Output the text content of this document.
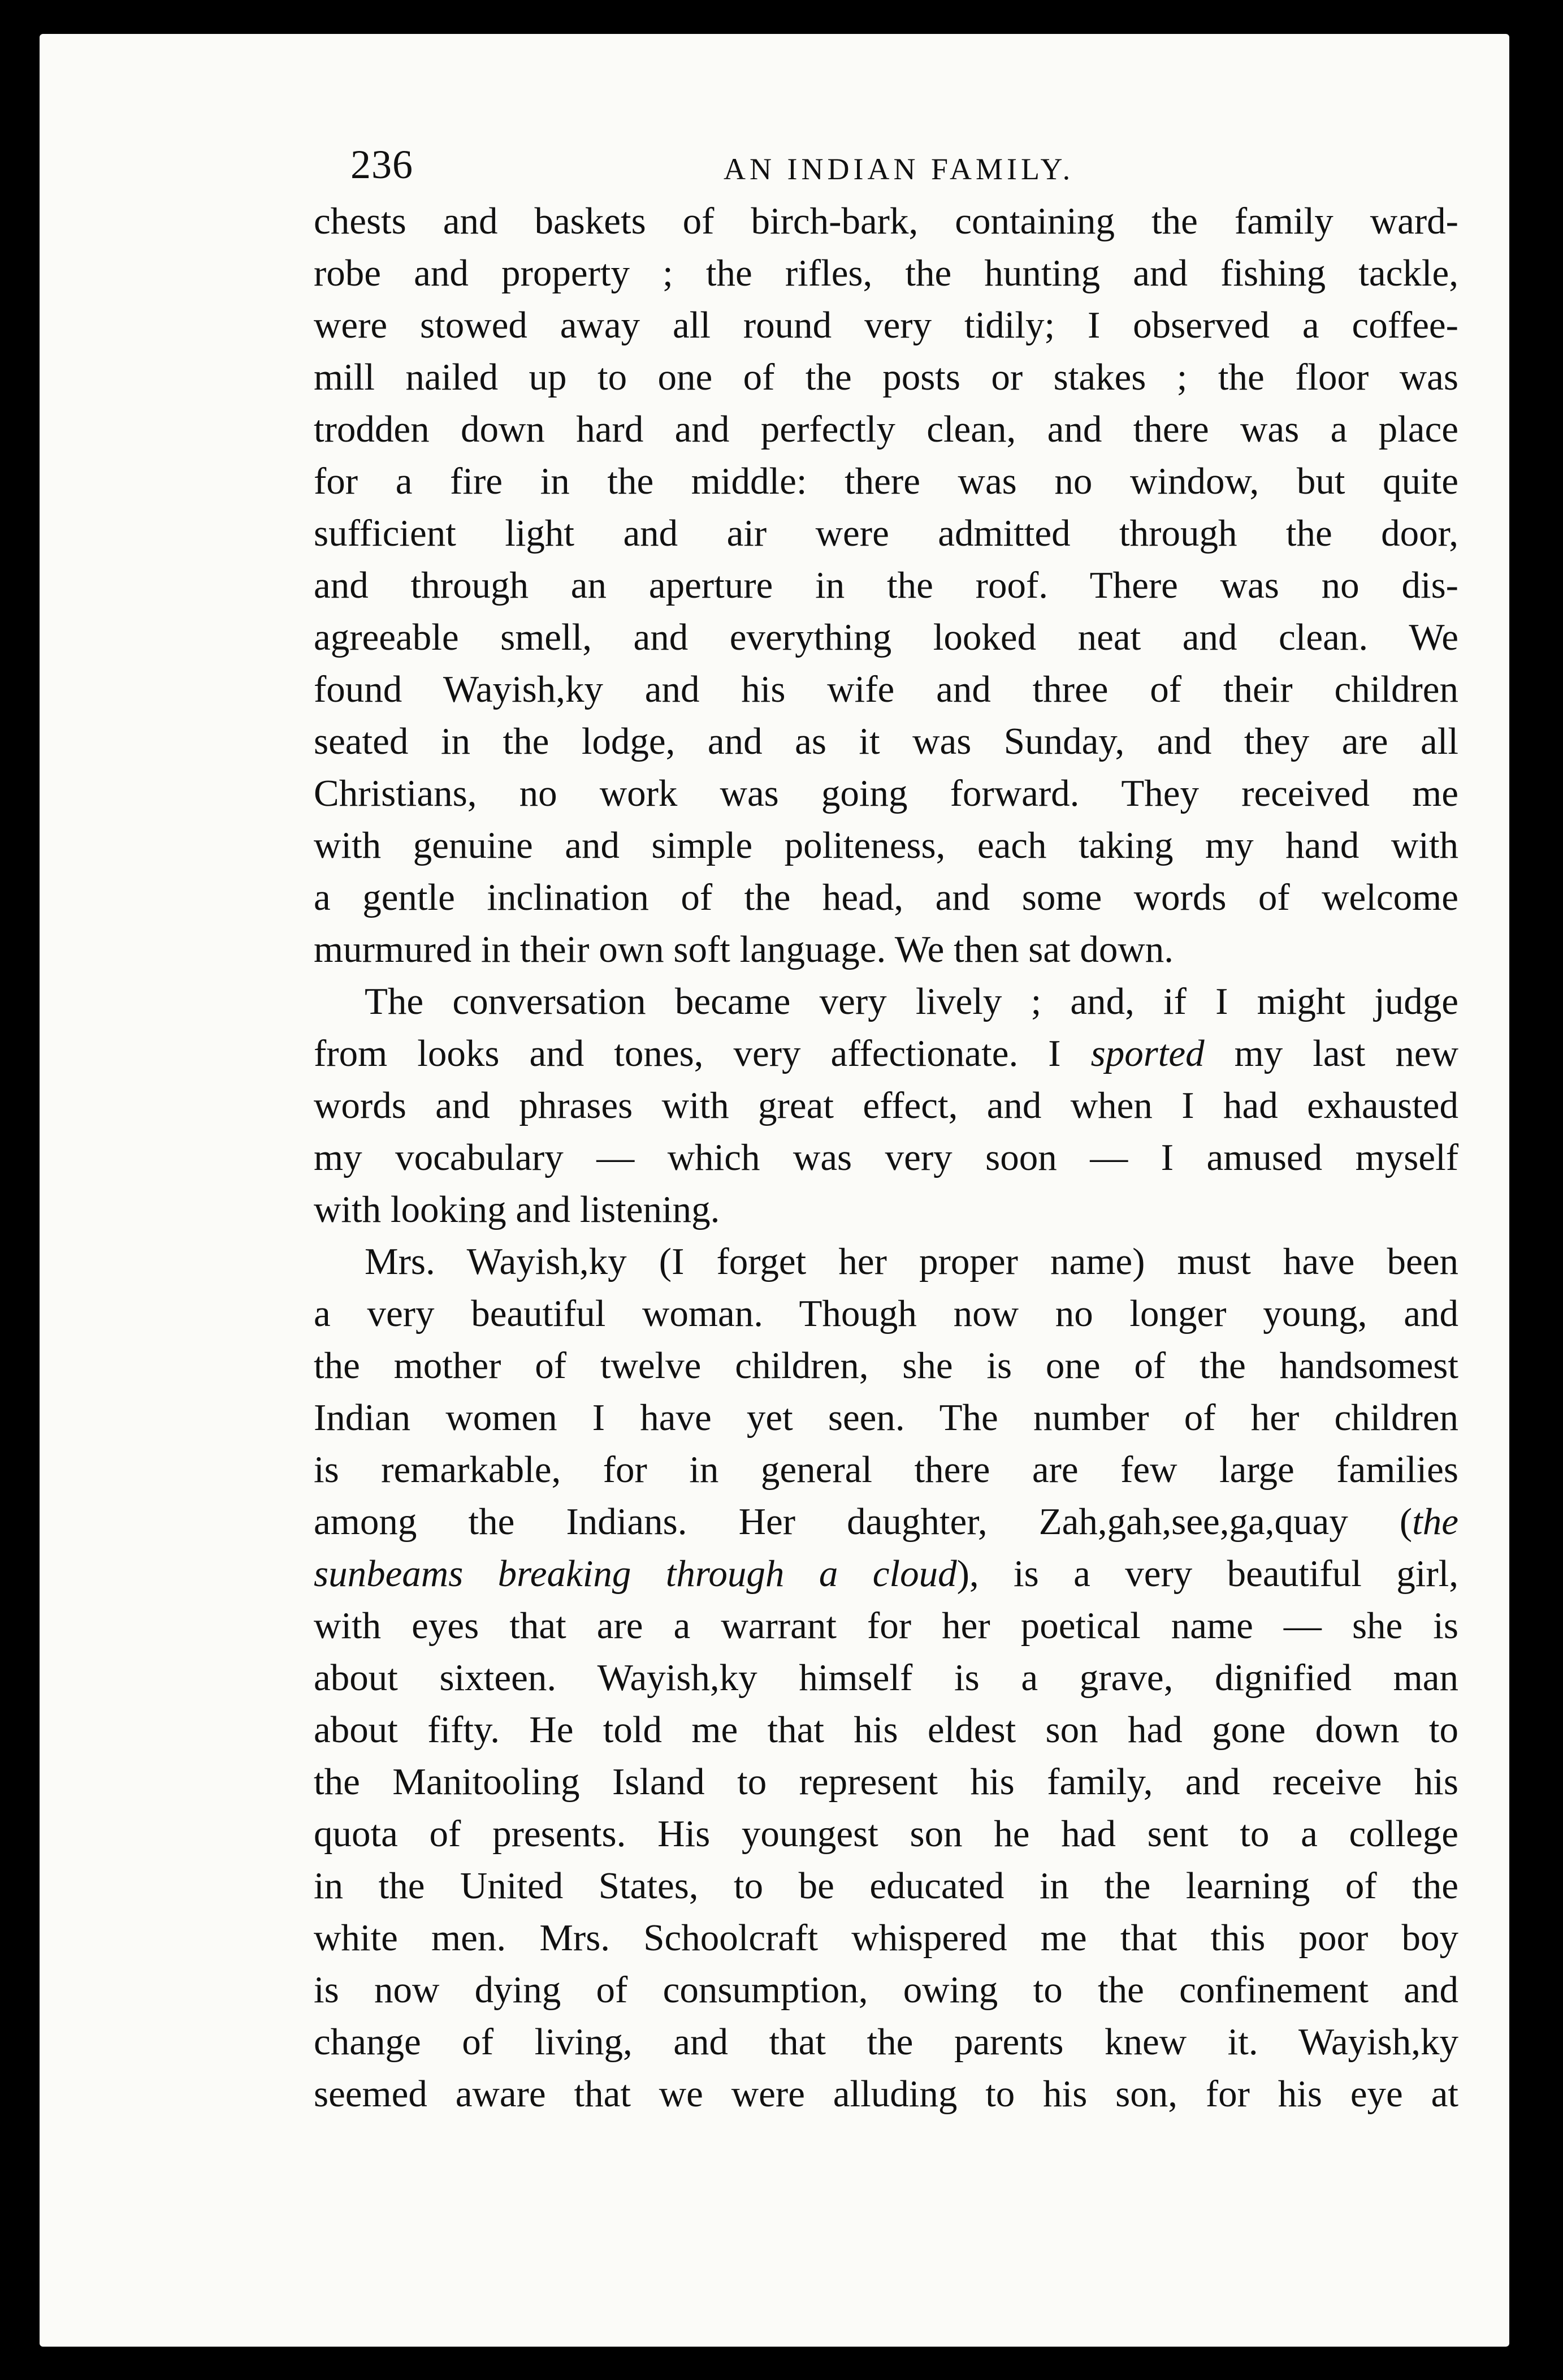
236	AN INDIAN FAMILY.
chests and baskets of birch-bark, containing the family ward-
robe and property ; the rifles, the hunting and fishing tackle,
were stowed away all round very tidily; I observed a coffee-
mill nailed up to one of the posts or stakes ; the floor was
trodden down hard and perfectly clean, and there was a place
for a fire in the middle: there was no window, but quite
sufficient light and air were admitted through the door,
and through an aperture in the roof. There was no dis-
agreeable smell, and everything looked neat and clean. We
found Wayish,ky and his wife and three of their children
seated in the lodge, and as it was Sunday, and they are all
Christians, no work was going forward. They received me
with genuine and simple politeness, each taking my hand with
a gentle inclination of the head, and some words of welcome
murmured in their own soft language. We then sat down.
The conversation became very lively ; and, if I might judge
from looks and tones, very affectionate. I sported my last new
words and phrases with great effect, and when I had exhausted
my vocabulary — which was very soon — I amused myself
with looking and listening.
Mrs. Wayish,ky (I forget her proper name) must have been
a very beautiful woman. Though now no longer young, and
the mother of twelve children, she is one of the handsomest
Indian women I have yet seen. The number of her children
is remarkable, for in general there are few large families
among the Indians. Her daughter, Zah,gah,see,ga,quay (the
sunbeams breaking through a cloud), is a very beautiful girl,
with eyes that are a warrant for her poetical name — she is
about sixteen. Wayish,ky himself is a grave, dignified man
about fifty. He told me that his eldest son had gone down to
the Manitooling Island to represent his family, and receive his
quota of presents. His youngest son he had sent to a college
in the United States, to be educated in the learning of the
white men. Mrs. Schoolcraft whispered me that this poor boy
is now dying of consumption, owing to the confinement and
change of living, and that the parents knew it. Wayish,ky
seemed aware that we were alluding to his son, for his eye at
